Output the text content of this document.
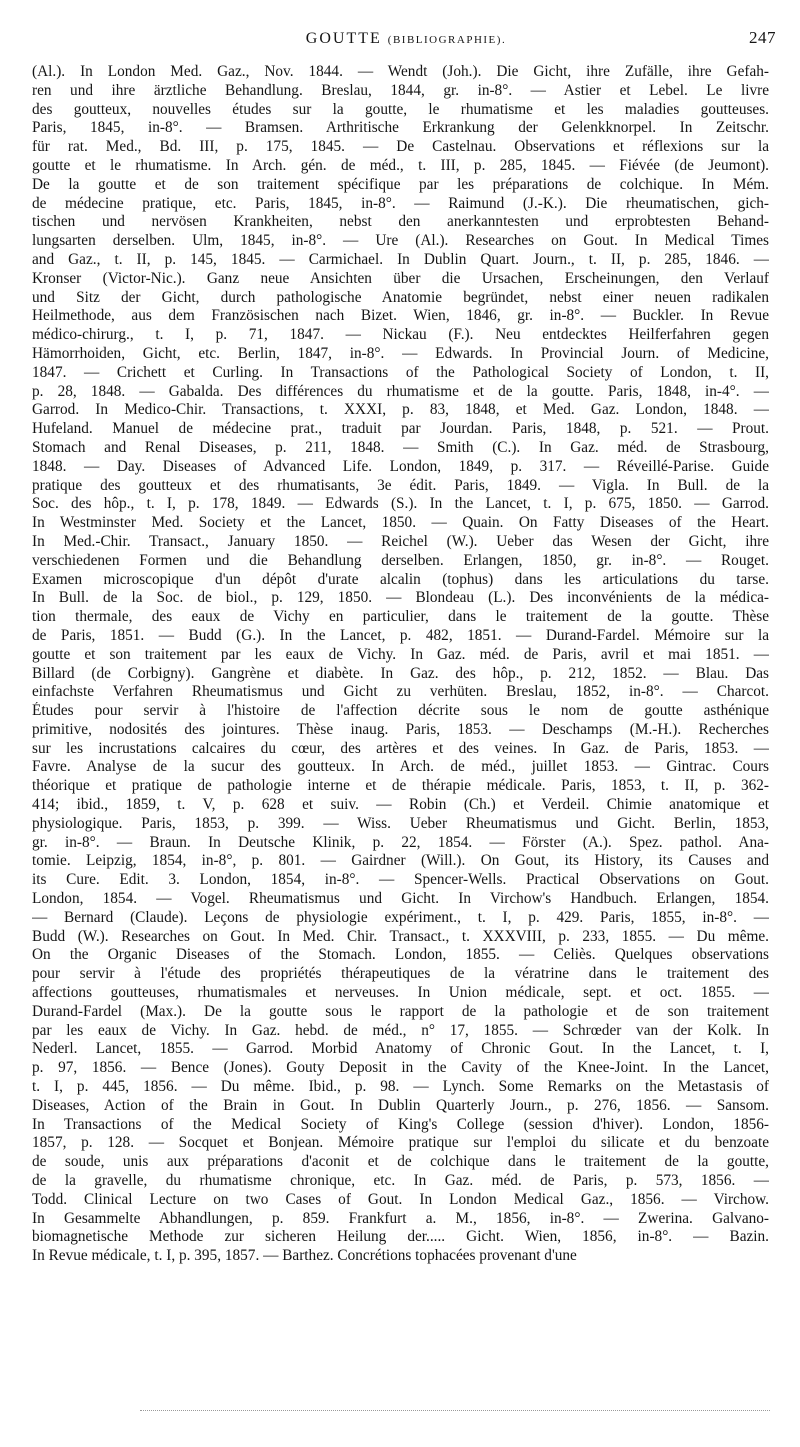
GOUTTE (BIBLIOGRAPHIE).	247
(Al.). In London Med. Gaz., Nov. 1844. — Wendt (Joh.). Die Gicht, ihre Zufälle, ihre Gefah-
ren und ihre ärztliche Behandlung. Breslau, 1844, gr. in-8°. — Astier et Lebel. Le livre
des goutteux, nouvelles études sur la goutte, le rhumatisme et les maladies goutteuses.
Paris, 1845, in-8°. — Bramsen. Arthritische Erkrankung der Gelenkknorpel. In Zeitschr.
für rat. Med., Bd. III, p. 175, 1845. — De Castelnau. Observations et réflexions sur la
goutte et le rhumatisme. In Arch. gén. de méd., t. III, p. 285, 1845. — Fiévée (de Jeumont).
De la goutte et de son traitement spécifique par les préparations de colchique. In Mém.
de médecine pratique, etc. Paris, 1845, in-8°. — Raimund (J.-K.). Die rheumatischen, gich-
tischen und nervösen Krankheiten, nebst den anerkanntesten und erprobtesten Behand-
lungsarten derselben. Ulm, 1845, in-8°. — Ure (Al.). Researches on Gout. In Medical Times
and Gaz., t. II, p. 145, 1845. — Carmichael. In Dublin Quart. Journ., t. II, p. 285, 1846. —
Kronser (Victor-Nic.). Ganz neue Ansichten über die Ursachen, Erscheinungen, den Verlauf
und Sitz der Gicht, durch pathologische Anatomie begründet, nebst einer neuen radikalen
Heilmethode, aus dem Französischen nach Bizet. Wien, 1846, gr. in-8°. — Buckler. In Revue
médico-chirurg., t. I, p. 71, 1847. — Nickau (F.). Neu entdecktes Heilferfahren gegen
Hämorrhoiden, Gicht, etc. Berlin, 1847, in-8°. — Edwards. In Provincial Journ. of Medicine,
1847. — Crichett et Curling. In Transactions of the Pathological Society of London, t. II,
p. 28, 1848. — Gabalda. Des différences du rhumatisme et de la goutte. Paris, 1848, in-4°. —
Garrod. In Medico-Chir. Transactions, t. XXXI, p. 83, 1848, et Med. Gaz. London, 1848. —
Hufeland. Manuel de médecine prat., traduit par Jourdan. Paris, 1848, p. 521. — Prout.
Stomach and Renal Diseases, p. 211, 1848. — Smith (C.). In Gaz. méd. de Strasbourg,
1848. — Day. Diseases of Advanced Life. London, 1849, p. 317. — Réveillé-Parise. Guide
pratique des goutteux et des rhumatisants, 3e édit. Paris, 1849. — Vigla. In Bull. de la
Soc. des hôp., t. I, p. 178, 1849. — Edwards (S.). In the Lancet, t. I, p. 675, 1850. — Garrod.
In Westminster Med. Society et the Lancet, 1850. — Quain. On Fatty Diseases of the Heart.
In Med.-Chir. Transact., January 1850. — Reichel (W.). Ueber das Wesen der Gicht, ihre
verschiedenen Formen und die Behandlung derselben. Erlangen, 1850, gr. in-8°. — Rouget.
Examen microscopique d'un dépôt d'urate alcalin (tophus) dans les articulations du tarse.
In Bull. de la Soc. de biol., p. 129, 1850. — Blondeau (L.). Des inconvénients de la médica-
tion thermale, des eaux de Vichy en particulier, dans le traitement de la goutte. Thèse
de Paris, 1851. — Budd (G.). In the Lancet, p. 482, 1851. — Durand-Fardel. Mémoire sur la
goutte et son traitement par les eaux de Vichy. In Gaz. méd. de Paris, avril et mai 1851. —
Billard (de Corbigny). Gangrène et diabète. In Gaz. des hôp., p. 212, 1852. — Blau. Das
einfachste Verfahren Rheumatismus und Gicht zu verhüten. Breslau, 1852, in-8°. — Charcot.
Études pour servir à l'histoire de l'affection décrite sous le nom de goutte asthénique
primitive, nodosités des jointures. Thèse inaug. Paris, 1853. — Deschamps (M.-H.). Recherches
sur les incrustations calcaires du cœur, des artères et des veines. In Gaz. de Paris, 1853. —
Favre. Analyse de la sucur des goutteux. In Arch. de méd., juillet 1853. — Gintrac. Cours
théorique et pratique de pathologie interne et de thérapie médicale. Paris, 1853, t. II, p. 362-
414; ibid., 1859, t. V, p. 628 et suiv. — Robin (Ch.) et Verdeil. Chimie anatomique et
physiologique. Paris, 1853, p. 399. — Wiss. Ueber Rheumatismus und Gicht. Berlin, 1853,
gr. in-8°. — Braun. In Deutsche Klinik, p. 22, 1854. — Förster (A.). Spez. pathol. Ana-
tomie. Leipzig, 1854, in-8°, p. 801. — Gairdner (Will.). On Gout, its History, its Causes and
its Cure. Edit. 3. London, 1854, in-8°. — Spencer-Wells. Practical Observations on Gout.
London, 1854. — Vogel. Rheumatismus und Gicht. In Virchow's Handbuch. Erlangen, 1854.
— Bernard (Claude). Leçons de physiologie expériment., t. I, p. 429. Paris, 1855, in-8°. —
Budd (W.). Researches on Gout. In Med. Chir. Transact., t. XXXVIII, p. 233, 1855. — Du même.
On the Organic Diseases of the Stomach. London, 1855. — Celiès. Quelques observations
pour servir à l'étude des propriétés thérapeutiques de la vératrine dans le traitement des
affections goutteuses, rhumatismales et nerveuses. In Union médicale, sept. et oct. 1855. —
Durand-Fardel (Max.). De la goutte sous le rapport de la pathologie et de son traitement
par les eaux de Vichy. In Gaz. hebd. de méd., n° 17, 1855. — Schrœder van der Kolk. In
Nederl. Lancet, 1855. — Garrod. Morbid Anatomy of Chronic Gout. In the Lancet, t. I,
p. 97, 1856. — Bence (Jones). Gouty Deposit in the Cavity of the Knee-Joint. In the Lancet,
t. I, p. 445, 1856. — Du même. Ibid., p. 98. — Lynch. Some Remarks on the Metastasis of
Diseases, Action of the Brain in Gout. In Dublin Quarterly Journ., p. 276, 1856. — Sansom.
In Transactions of the Medical Society of King's College (session d'hiver). London, 1856-
1857, p. 128. — Socquet et Bonjean. Mémoire pratique sur l'emploi du silicate et du benzoate
de soude, unis aux préparations d'aconit et de colchique dans le traitement de la goutte,
de la gravelle, du rhumatisme chronique, etc. In Gaz. méd. de Paris, p. 573, 1856. —
Todd. Clinical Lecture on two Cases of Gout. In London Medical Gaz., 1856. — Virchow.
In Gesammelte Abhandlungen, p. 859. Frankfurt a. M., 1856, in-8°. — Zwerina. Galvano-
biomagnetische Methode zur sicheren Heilung der..... Gicht. Wien, 1856, in-8°. — Bazin.
In Revue médicale, t. I, p. 395, 1857. — Barthez. Concrétions tophacées provenant d'une
